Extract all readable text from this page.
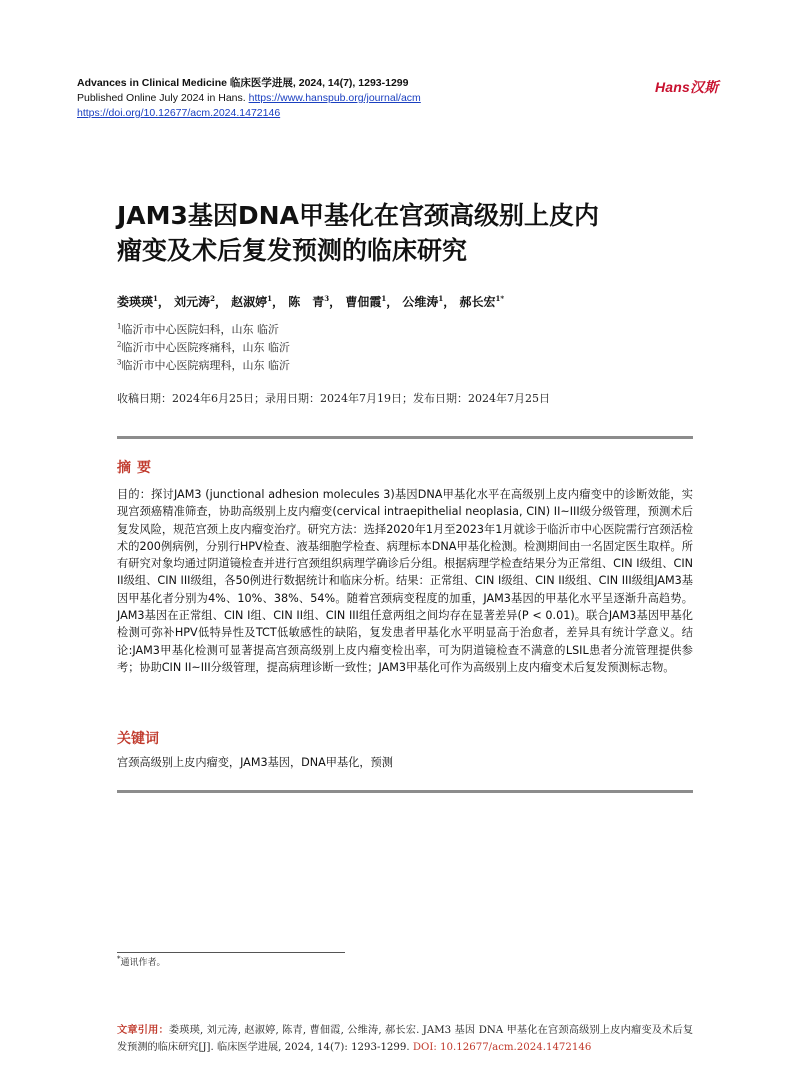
Advances in Clinical Medicine 临床医学进展, 2024, 14(7), 1293-1299
Published Online July 2024 in Hans. https://www.hanspub.org/journal/acm
https://doi.org/10.12677/acm.2024.1472146
Hans汉斯
JAM3基因DNA甲基化在宫颈高级别上皮内
瘤变及术后复发预测的临床研究
娄瑛瑛$^1$， 刘元涛$^2$， 赵淑婷$^1$， 陈　青$^3$， 曹佃霞$^1$， 公维涛$^1$， 郝长宏$^{1*}$
$^1$临沂市中心医院妇科，山东 临沂
$^2$临沂市中心医院疼痛科，山东 临沂
$^3$临沂市中心医院病理科，山东 临沂
收稿日期：2024年6月25日；录用日期：2024年7月19日；发布日期：2024年7月25日
摘要
目的：探讨JAM3 (junctional adhesion molecules 3)基因DNA甲基化水平在高级别上皮内瘤变中的诊断效能，实现宫颈癌精准筛查，协助高级别上皮内瘤变(cervical intraepithelial neoplasia, CIN) II~III级分级管理，预测术后复发风险，规范宫颈上皮内瘤变治疗。研究方法：选择2020年1月至2023年1月就诊于临沂市中心医院需行宫颈活检术的200例病例，分别行HPV检查、液基细胞学检查、病理标本DNA甲基化检测。检测期间由一名固定医生取样。所有研究对象均通过阴道镜检查并进行宫颈组织病理学确诊后分组。根据病理学检查结果分为正常组、CIN I级组、CIN II级组、CIN III级组，各50例进行数据统计和临床分析。结果：正常组、CIN I级组、CIN II级组、CIN III级组JAM3基因甲基化者分别为4%、10%、38%、54%。随着宫颈病变程度的加重，JAM3基因的甲基化水平呈逐渐升高趋势。JAM3基因在正常组、CIN I组、CIN II组、CIN III组任意两组之间均存在显著差异(P < 0.01)。联合JAM3基因甲基化检测可弥补HPV低特异性及TCT低敏感性的缺陷，复发患者甲基化水平明显高于治愈者，差异具有统计学意义。结论:JAM3甲基化检测可显著提高宫颈高级别上皮内瘤变检出率，可为阴道镜检查不满意的LSIL患者分流管理提供参考；协助CIN II~III分级管理，提高病理诊断一致性；JAM3甲基化可作为高级别上皮内瘤变术后复发预测标志物。
关键词
宫颈高级别上皮内瘤变，JAM3基因，DNA甲基化，预测
*通讯作者。
文章引用：娄瑛瑛, 刘元涛, 赵淑婷, 陈青, 曹佃霞, 公维涛, 郝长宏. JAM3 基因 DNA 甲基化在宫颈高级别上皮内瘤变及术后复发预测的临床研究[J]. 临床医学进展, 2024, 14(7): 1293-1299. DOI: 10.12677/acm.2024.1472146
